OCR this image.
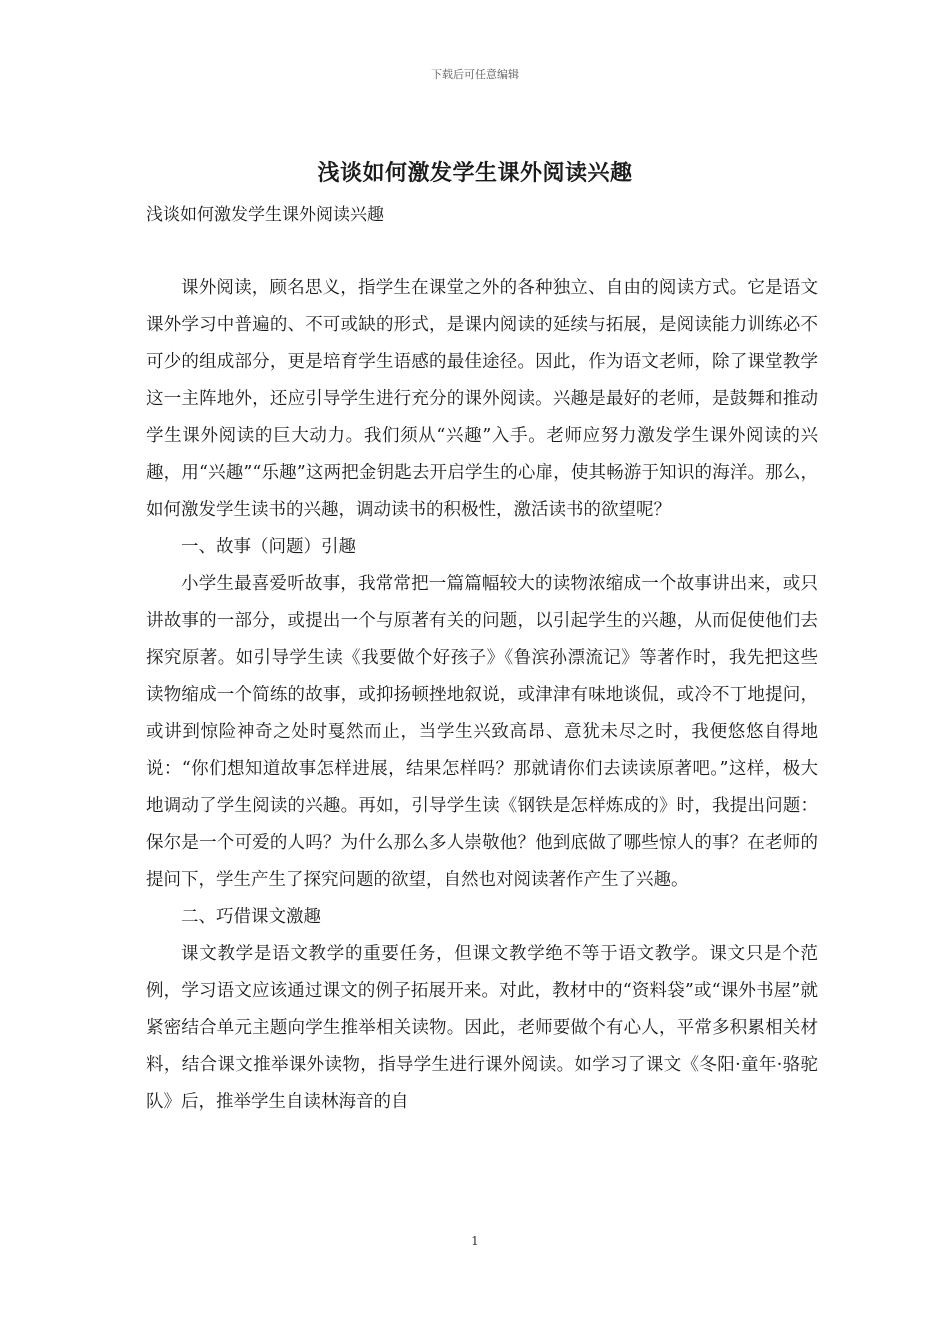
下载后可任意编辑
浅谈如何激发学生课外阅读兴趣
浅谈如何激发学生课外阅读兴趣

课外阅读，顾名思义，指学生在课堂之外的各种独立、自由的阅读方式。它是语文课外学习中普遍的、不可或缺的形式，是课内阅读的延续与拓展，是阅读能力训练必不可少的组成部分，更是培育学生语感的最佳途径。因此，作为语文老师，除了课堂教学这一主阵地外，还应引导学生进行充分的课外阅读。兴趣是最好的老师，是鼓舞和推动学生课外阅读的巨大动力。我们须从“兴趣”入手。老师应努力激发学生课外阅读的兴趣，用“兴趣”“乐趣”这两把金钥匙去开启学生的心扉，使其畅游于知识的海洋。那么，如何激发学生读书的兴趣，调动读书的积极性，激活读书的欲望呢？

一、故事（问题）引趣

小学生最喜爱听故事，我常常把一篇篇幅较大的读物浓缩成一个故事讲出来，或只讲故事的一部分，或提出一个与原著有关的问题，以引起学生的兴趣，从而促使他们去探究原著。如引导学生读《我要做个好孩子》《鲁滨孙漂流记》等著作时，我先把这些读物缩成一个简练的故事，或抑扬顿挫地叙说，或津津有味地谈侃，或冷不丁地提问，或讲到惊险神奇之处时戛然而止，当学生兴致高昂、意犹未尽之时，我便悠悠自得地说：“你们想知道故事怎样进展，结果怎样吗？那就请你们去读读原著吧。”这样，极大地调动了学生阅读的兴趣。再如，引导学生读《钢铁是怎样炼成的》时，我提出问题：保尔是一个可爱的人吗？为什么那么多人崇敬他？他到底做了哪些惊人的事？在老师的提问下，学生产生了探究问题的欲望，自然也对阅读著作产生了兴趣。

二、巧借课文激趣

课文教学是语文教学的重要任务，但课文教学绝不等于语文教学。课文只是个范例，学习语文应该通过课文的例子拓展开来。对此，教材中的“资料袋”或“课外书屋”就紧密结合单元主题向学生推举相关读物。因此，老师要做个有心人，平常多积累相关材料，结合课文推举课外读物，指导学生进行课外阅读。如学习了课文《冬阳·童年·骆驼队》后，推举学生自读林海音的自

1
